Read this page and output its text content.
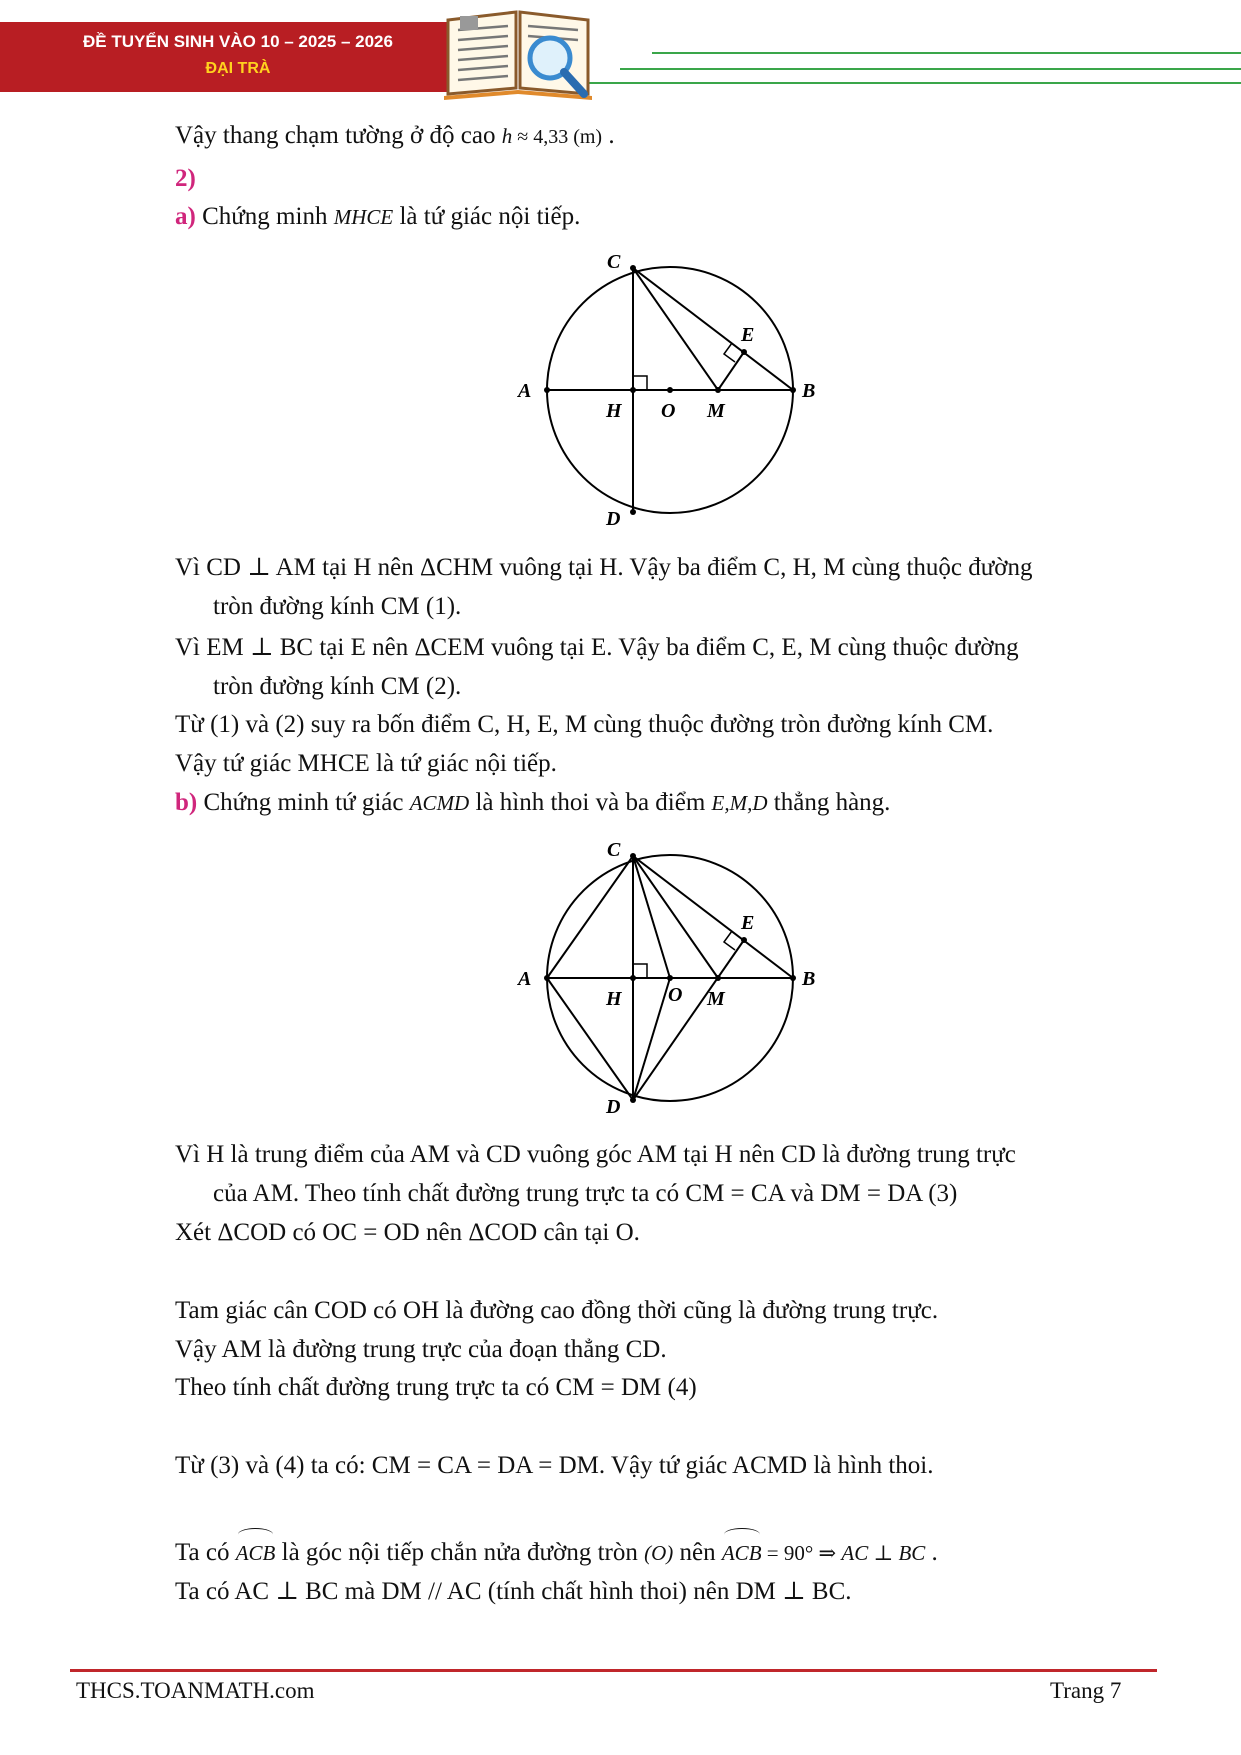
ĐỀ TUYỂN SINH VÀO 10 – 2025 – 2026
ĐẠI TRÀ
Vậy thang chạm tường ở độ cao h ≈ 4,33 (m) .
2)
a) Chứng minh MHCE là tứ giác nội tiếp.
C
E
A	B
H O M
D
Vì CD ⊥ AM tại H nên ΔCHM vuông tại H. Vậy ba điểm C, H, M cùng thuộc đường
tròn đường kính CM (1).
Vì EM ⊥ BC tại E nên ΔCEM vuông tại E. Vậy ba điểm C, E, M cùng thuộc đường
tròn đường kính CM (2).
Từ (1) và (2) suy ra bốn điểm C, H, E, M cùng thuộc đường tròn đường kính CM.
Vậy tứ giác MHCE là tứ giác nội tiếp.
b) Chứng minh tứ giác ACMD là hình thoi và ba điểm E,M,D thẳng hàng.
C
E
A	B
H O M
D
Vì H là trung điểm của AM và CD vuông góc AM tại H nên CD là đường trung trực
của AM. Theo tính chất đường trung trực ta có CM = CA và DM = DA (3)
Xét ΔCOD có OC = OD nên ΔCOD cân tại O.
Tam giác cân COD có OH là đường cao đồng thời cũng là đường trung trực.
Vậy AM là đường trung trực của đoạn thẳng CD.
Theo tính chất đường trung trực ta có CM = DM (4)
Từ (3) và (4) ta có: CM = CA = DA = DM. Vậy tứ giác ACMD là hình thoi.
Ta có ACB là góc nội tiếp chắn nửa đường tròn (O) nên ACB = 90° ⇒ AC ⊥ BC .
Ta có AC ⊥ BC mà DM // AC (tính chất hình thoi) nên DM ⊥ BC.
THCS.TOANMATH.com	Trang 7
